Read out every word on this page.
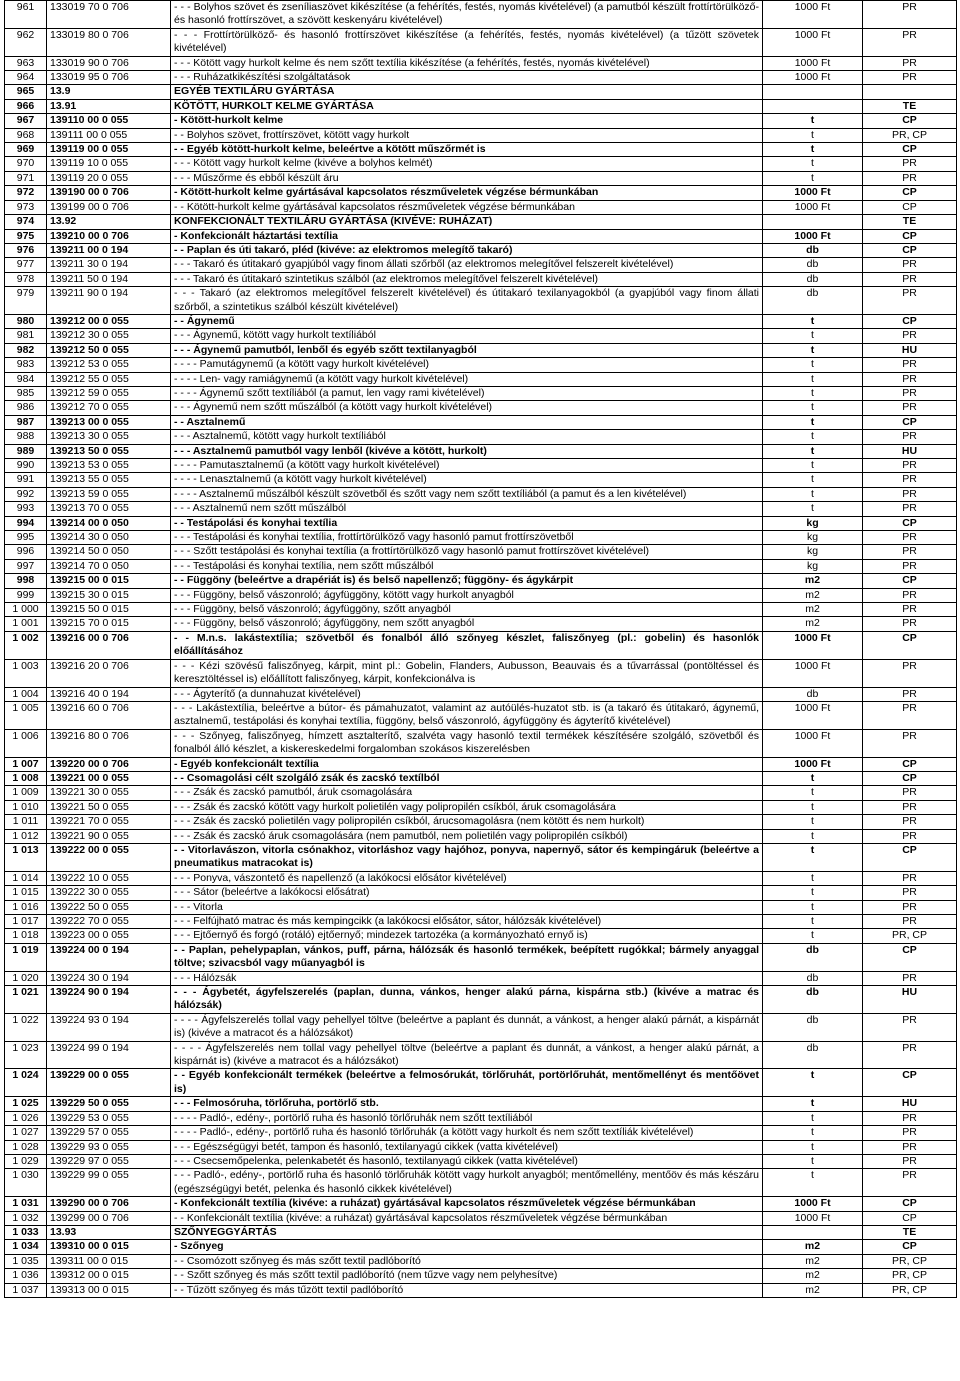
961	133019 70 0 706	- - - Bolyhos szövet és zseníliaszövet kikészítése (a fehérítés, festés, nyomás kivételével) (a pamutból készült frottírtörülköző- és hasonló frottírszövet, a szövött keskenyáru kivételével)	1000 Ft	PR
962	133019 80 0 706	- - - Frottírtörülköző- és hasonló frottírszövet kikészítése (a fehérítés, festés, nyomás kivételével) (a tűzött szövetek kivételével)	1000 Ft	PR
963	133019 90 0 706	- - - Kötött vagy hurkolt kelme és nem szőtt textília kikészítése (a fehérítés, festés, nyomás kivételével)	1000 Ft	PR
964	133019 95 0 706	- - - Ruházatkikészítési szolgáltatások	1000 Ft	PR
965	13.9	EGYÉB TEXTILÁRU GYÁRTÁSA		
966	13.91	KÖTÖTT, HURKOLT KELME GYÁRTÁSA		TE
967	139110 00 0 055	- Kötött-hurkolt kelme	t	CP
968	139111 00 0 055	- - Bolyhos szövet, frottírszövet, kötött vagy hurkolt	t	PR, CP
969	139119 00 0 055	- - Egyéb kötött-hurkolt kelme, beleértve a kötött műszőrmét is	t	CP
970	139119 10 0 055	- - - Kötött vagy hurkolt kelme (kivéve a bolyhos kelmét)	t	PR
971	139119 20 0 055	- - - Műszőrme és ebből készült áru	t	PR
972	139190 00 0 706	- Kötött-hurkolt kelme gyártásával kapcsolatos részműveletek végzése bérmunkában	1000 Ft	CP
973	139199 00 0 706	- - Kötött-hurkolt kelme gyártásával kapcsolatos részműveletek végzése bérmunkában	1000 Ft	CP
974	13.92	KONFEKCIONÁLT TEXTILÁRU GYÁRTÁSA (KIVÉVE: RUHÁZAT)		TE
975	139210 00 0 706	- Konfekcionált háztartási textília	1000 Ft	CP
976	139211 00 0 194	- - Paplan és úti takaró, pléd (kivéve: az elektromos melegítő takaró)	db	CP
977	139211 30 0 194	- - - Takaró és útitakaró gyapjúból vagy finom állati szőrből (az elektromos melegítővel felszerelt kivételével)	db	PR
978	139211 50 0 194	- - - Takaró és útitakaró szintetikus szálból (az elektromos melegítővel felszerelt kivételével)	db	PR
979	139211 90 0 194	- - - Takaró (az elektromos melegítővel felszerelt kivételével) és útitakaró texilanyagokból (a gyapjúból vagy finom állati szőrből, a szintetikus szálból készült kivételével)	db	PR
980	139212 00 0 055	- - Ágynemű	t	CP
981	139212 30 0 055	- - - Ágynemű, kötött vagy hurkolt textíliából	t	PR
982	139212 50 0 055	- - - Ágynemű pamutból, lenből és egyéb szőtt textilanyagból	t	HU
983	139212 53 0 055	- - - - Pamutágynemű (a kötött vagy hurkolt kivételével)	t	PR
984	139212 55 0 055	- - - - Len- vagy ramiágynemű (a kötött vagy hurkolt kivételével)	t	PR
985	139212 59 0 055	- - - - Ágynemű szőtt textíliából (a pamut, len vagy rami kivételével)	t	PR
986	139212 70 0 055	- - - Ágynemű nem szőtt műszálból (a kötött vagy hurkolt kivételével)	t	PR
987	139213 00 0 055	- - Asztalnemű	t	CP
988	139213 30 0 055	- - - Asztalnemű, kötött vagy hurkolt textíliából	t	PR
989	139213 50 0 055	- - - Asztalnemű pamutból vagy lenből (kivéve a kötött, hurkolt)	t	HU
990	139213 53 0 055	- - - - Pamutasztalnemű (a kötött vagy hurkolt kivételével)	t	PR
991	139213 55 0 055	- - - - Lenasztalnemű (a kötött vagy hurkolt kivételével)	t	PR
992	139213 59 0 055	- - - - Asztalnemű műszálból készült szövetből és szőtt vagy nem szőtt textíliából (a pamut és a len kivételével)	t	PR
993	139213 70 0 055	- - - Asztalnemű nem szőtt műszálból	t	PR
994	139214 00 0 050	- - Testápolási és konyhai textília	kg	CP
995	139214 30 0 050	- - - Testápolási és konyhai textília, frottírtörülköző vagy hasonló pamut frottírszövetből	kg	PR
996	139214 50 0 050	- - - Szőtt testápolási és konyhai textília (a frottírtörülköző vagy hasonló pamut frottírszövet kivételével)	kg	PR
997	139214 70 0 050	- - - Testápolási és konyhai textília, nem szőtt műszálból	kg	PR
998	139215 00 0 015	- - Függöny (beleértve a drapériát is) és belső napellenző; függöny- és ágykárpit	m2	CP
999	139215 30 0 015	- - - Függöny, belső vászonroló; ágyfüggöny, kötött vagy hurkolt anyagból	m2	PR
1 000	139215 50 0 015	- - - Függöny, belső vászonroló; ágyfüggöny, szőtt anyagból	m2	PR
1 001	139215 70 0 015	- - - Függöny, belső vászonroló; ágyfüggöny, nem szőtt anyagból	m2	PR
1 002	139216 00 0 706	- - M.n.s. lakástextília; szövetből és fonalból álló szőnyeg készlet, faliszőnyeg (pl.: gobelin) és hasonlók előállításához	1000 Ft	CP
1 003	139216 20 0 706	- - - Kézi szövésű faliszőnyeg, kárpit, mint pl.: Gobelin, Flanders, Aubusson, Beauvais és a tűvarrással (pontöltéssel és keresztöltéssel is) előállított faliszőnyeg, kárpit, konfekcionálva is	1000 Ft	PR
1 004	139216 40 0 194	- - - Ágyterítő (a dunnahuzat kivételével)	db	PR
1 005	139216 60 0 706	- - - Lakástextília, beleértve a bútor- és pámahuzatot, valamint az autóülés-huzatot stb. is (a takaró és útitakaró, ágynemű, asztalnemű, testápolási és konyhai textília, függöny, belső vászonroló, ágyfüggöny és ágyterítő kivételével)	1000 Ft	PR
1 006	139216 80 0 706	- - - Szőnyeg, faliszőnyeg, hímzett asztalterítő, szalvéta vagy hasonló textil termékek készítésére szolgáló, szövetből és fonalból álló készlet, a kiskereskedelmi forgalomban szokásos kiszerelésben	1000 Ft	PR
1 007	139220 00 0 706	- Egyéb konfekcionált textília	1000 Ft	CP
1 008	139221 00 0 055	- - Csomagolási célt szolgáló zsák és zacskó textílból	t	CP
1 009	139221 30 0 055	- - - Zsák és zacskó pamutból, áruk csomagolására	t	PR
1 010	139221 50 0 055	- - - Zsák és zacskó kötött vagy hurkolt polietilén vagy polipropilén csíkból, áruk csomagolására	t	PR
1 011	139221 70 0 055	- - - Zsák és zacskó polietilén vagy polipropilén csíkból, árucsomagolásra (nem kötött és nem hurkolt)	t	PR
1 012	139221 90 0 055	- - - Zsák és zacskó áruk csomagolására (nem pamutból, nem polietilén vagy polipropilén csíkból)	t	PR
1 013	139222 00 0 055	- - Vitorlavászon, vitorla csónakhoz, vitorláshoz vagy hajóhoz, ponyva, napernyő, sátor és kempingáruk (beleértve a pneumatikus matracokat is)	t	CP
1 014	139222 10 0 055	- - - Ponyva, vászontető és napellenző (a lakókocsi elősátor kivételével)	t	PR
1 015	139222 30 0 055	- - - Sátor (beleértve a lakókocsi elősátrat)	t	PR
1 016	139222 50 0 055	- - - Vitorla	t	PR
1 017	139222 70 0 055	- - - Felfújható matrac és más kempingcikk (a lakókocsi elősátor, sátor, hálózsák kivételével)	t	PR
1 018	139223 00 0 055	- - - Ejtőernyő és forgó (rotáló) ejtőernyő; mindezek tartozéka (a kormányozható ernyő is)	t	PR, CP
1 019	139224 00 0 194	- - Paplan, pehelypaplan, vánkos, puff, párna, hálózsák és hasonló termékek, beépített rugókkal; bármely anyaggal töltve; szivacsból vagy műanyagból is	db	CP
1 020	139224 30 0 194	- - - Hálózsák	db	PR
1 021	139224 90 0 194	- - - Ágybetét, ágyfelszerelés (paplan, dunna, vánkos, henger alakú párna, kispárna stb.) (kivéve a matrac és hálózsák)	db	HU
1 022	139224 93 0 194	- - - - Ágyfelszerelés tollal vagy pehellyel töltve (beleértve a paplant és dunnát, a vánkost, a henger alakú párnát, a kispárnát is) (kivéve a matracot és a hálózsákot)	db	PR
1 023	139224 99 0 194	- - - - Ágyfelszerelés nem tollal vagy pehellyel töltve (beleértve a paplant és dunnát, a vánkost, a henger alakú párnát, a kispárnát is) (kivéve a matracot és a hálózsákot)	db	PR
1 024	139229 00 0 055	- - Egyéb konfekcionált termékek (beleértve a felmosórukát, törlőruhát, portörlőruhát, mentőmellényt és mentőövet is)	t	CP
1 025	139229 50 0 055	- - - Felmosóruha, törlőruha, portörlő stb.	t	HU
1 026	139229 53 0 055	- - - - Padló-, edény-, portörlő ruha és hasonló törlőruhák nem szőtt textíliából	t	PR
1 027	139229 57 0 055	- - - - Padló-, edény-, portörlő ruha és hasonló törlőruhák (a kötött vagy hurkolt és nem szőtt textíliák kivételével)	t	PR
1 028	139229 93 0 055	- - - Egészségügyi betét, tampon és hasonló, textilanyagú cikkek (vatta kivételével)	t	PR
1 029	139229 97 0 055	- - - Csecsemőpelenka, pelenkabetét és hasonló, textilanyagú cikkek (vatta kivételével)	t	PR
1 030	139229 99 0 055	- - - Padló-, edény-, portörlő ruha és hasonló törlőruhák kötött vagy hurkolt anyagból; mentőmellény, mentőöv és más készáru (egészségügyi betét, pelenka és hasonló cikkek kivételével)	t	PR
1 031	139290 00 0 706	- Konfekcionált textília (kivéve: a ruházat) gyártásával kapcsolatos részműveletek végzése bérmunkában	1000 Ft	CP
1 032	139299 00 0 706	- - Konfekcionált textília (kivéve: a ruházat) gyártásával kapcsolatos részműveletek végzése bérmunkában	1000 Ft	CP
1 033	13.93	SZŐNYEGGYÁRTÁS		TE
1 034	139310 00 0 015	- Szőnyeg	m2	CP
1 035	139311 00 0 015	- - Csomózott szőnyeg és más szőtt textil padlóborító	m2	PR, CP
1 036	139312 00 0 015	- - Szőtt szőnyeg és más szőtt textil padlóborító (nem tűzve vagy nem pelyhesítve)	m2	PR, CP
1 037	139313 00 0 015	- - Tűzött szőnyeg és más tűzött textil padlóborító	m2	PR, CP
